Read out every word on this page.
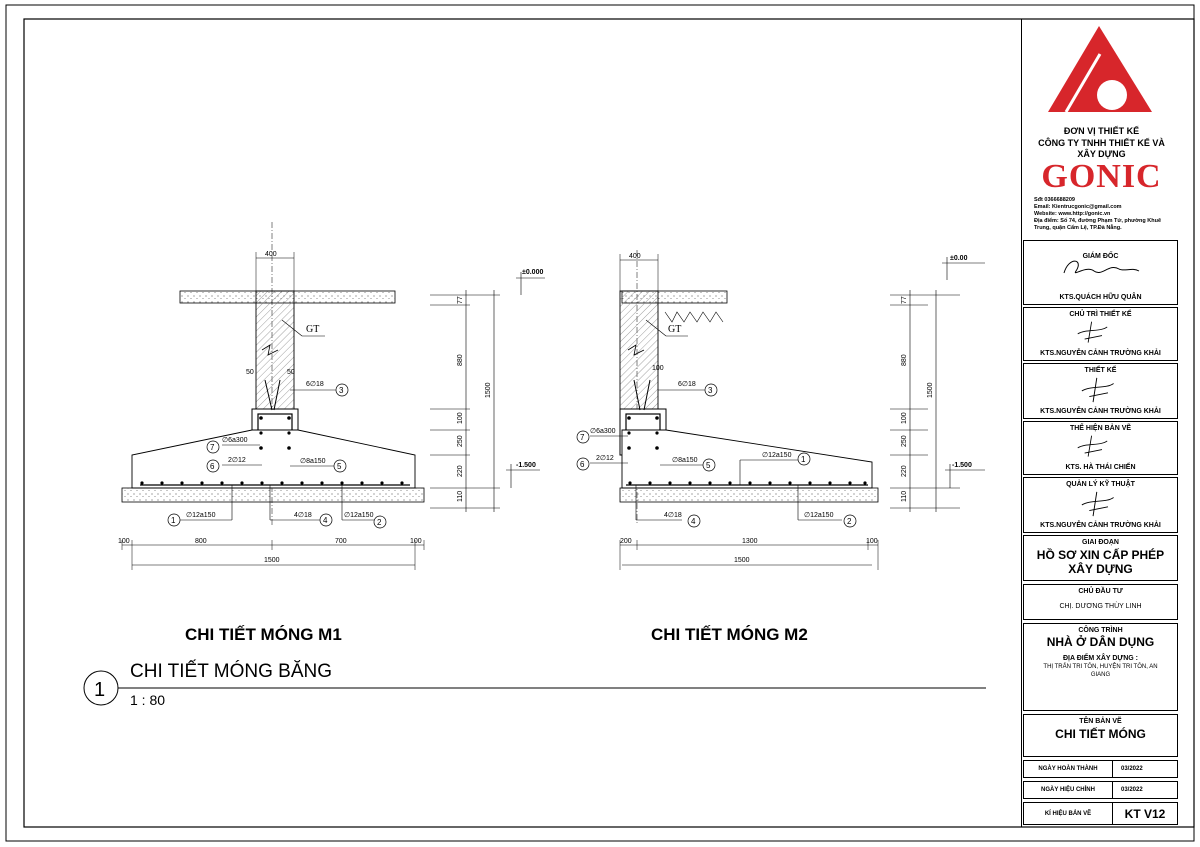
400
GT
50	50
6∅18
3
∅6a300
7
2∅12
6
∅8a150
5
∅12a150
1
4∅18
4
∅12a150
2
100	800	700	100
1500
CHI TIẾT MÓNG M1
77
880
100
250
220
110
1500
±0.000
-1.500
400
GT
100
6∅18
3
∅6a300
7
2∅12
6	∅8a150
5
∅12a150 1
4∅18
4
∅12a150
2
200	1300	100
1500
CHI TIẾT MÓNG M2
77
880
100
250
220
110
1500
±0.00
-1.500
1
CHI TIẾT MÓNG BĂNG
1 : 80
ĐƠN VỊ THIẾT KẾ
CÔNG TY TNHH THIẾT KẾ VÀ XÂY DỰNG
GONIC
Sđt 0366688209
Email: Kientrucgonic@gmail.com
Website: www.http://gonic.vn
Địa điểm: Số 74, đường Phạm Tứ, phường Khuê Trung, quận Cẩm Lệ, TP.Đà Nẵng.
GIÁM ĐỐC
KTS.QUÁCH HỮU QUÂN
CHỦ TRÌ THIẾT KẾ
KTS.NGUYỄN CẢNH TRƯỜNG KHẢI
THIẾT KẾ
KTS.NGUYỄN CẢNH TRƯỜNG KHẢI
THỂ HIỆN BẢN VẼ
KTS. HÀ THÁI CHIẾN
QUẢN LÝ KỸ THUẬT
KTS.NGUYỄN CẢNH TRƯỜNG KHẢI
GIAI ĐOẠN
HỒ SƠ XIN CẤP PHÉP XÂY DỰNG
CHỦ ĐẦU TƯ
CHỊ. DƯƠNG THÙY LINH
CÔNG TRÌNH
NHÀ Ở DÂN DỤNG
ĐỊA ĐIỂM XÂY DỰNG :
THỊ TRẤN TRI TÔN, HUYỆN TRI TÔN, AN GIANG
TÊN BẢN VẼ
CHI TIẾT MÓNG
NGÀY HOÀN THÀNH	03/2022
NGÀY HIỆU CHỈNH	03/2022
KÍ HIỆU BẢN VẼ	KT V12
